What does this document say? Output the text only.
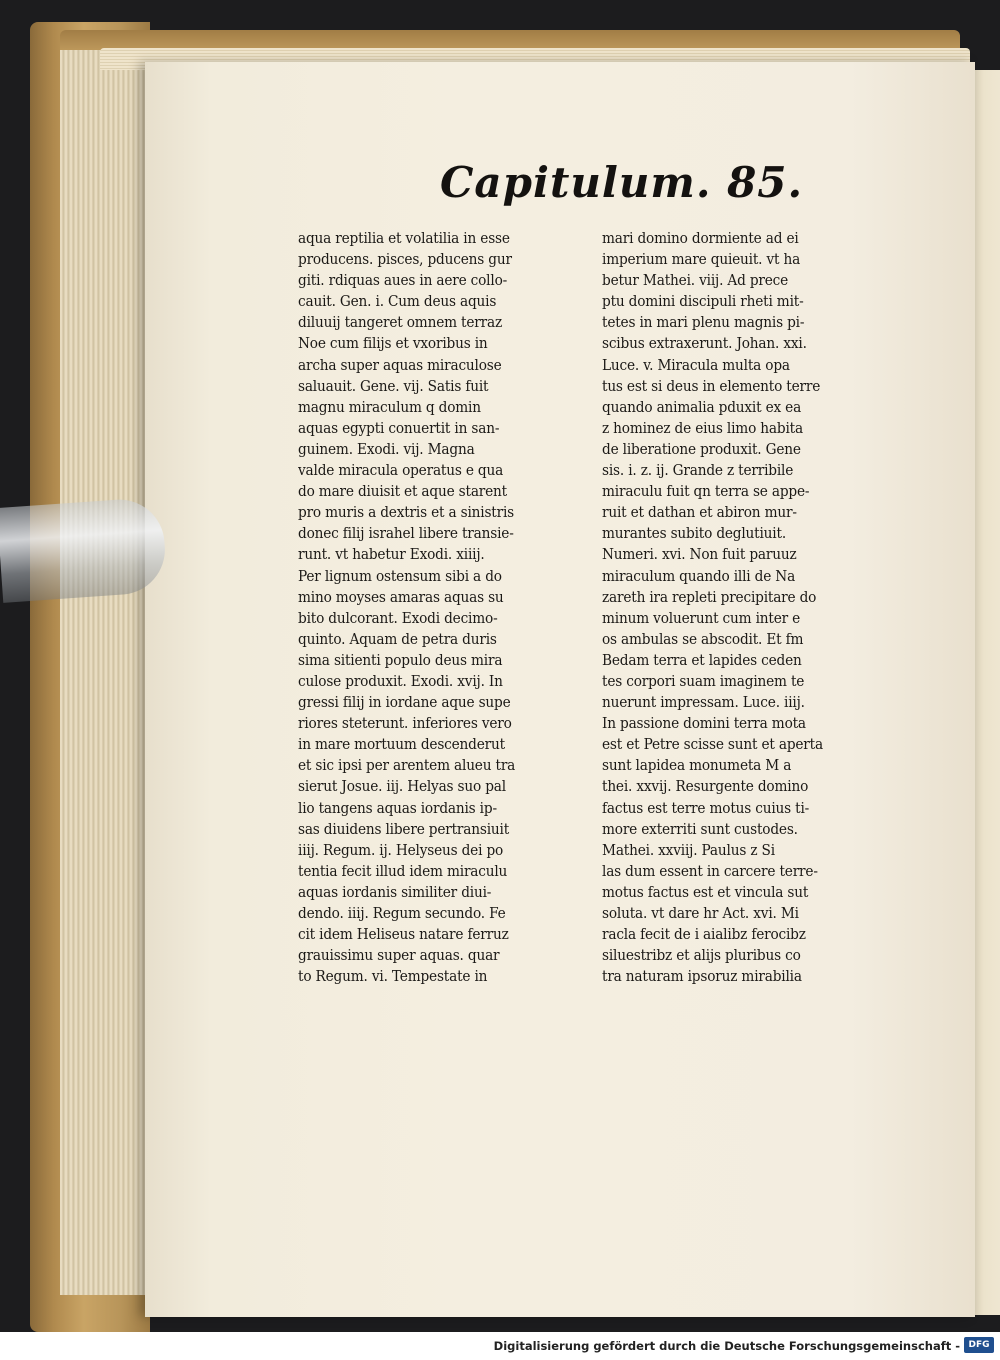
Capitulum. 85.
aqua reptilia et volatilia in esse
producens. pisces, pducens gur
giti. rdiquas aues in aere collo-
cauit. Gen. i. Cum deus aquis
diluuij tangeret omnem terraz
Noe cum filijs et vxoribus in
archa super aquas miraculose
saluauit. Gene. vij. Satis fuit
magnu miraculum q domin
aquas egypti conuertit in san-
guinem. Exodi. vij. Magna
valde miracula operatus e qua
do mare diuisit et aque starent
pro muris a dextris et a sinistris
donec filij israhel libere transie-
runt. vt habetur Exodi. xiiij.
Per lignum ostensum sibi a do
mino moyses amaras aquas su
bito dulcorant. Exodi decimo-
quinto. Aquam de petra duris
sima sitienti populo deus mira
culose produxit. Exodi. xvij. In
gressi filij in iordane aque supe
riores steterunt. inferiores vero
in mare mortuum descenderut
et sic ipsi per arentem alueu tra
sierut Josue. iij. Helyas suo pal
lio tangens aquas iordanis ip-
sas diuidens libere pertransiuit
iiij. Regum. ij. Helyseus dei po
tentia fecit illud idem miraculu
aquas iordanis similiter diui-
dendo. iiij. Regum secundo. Fe
cit idem Heliseus natare ferruz
grauissimu super aquas. quar
to Regum. vi. Tempestate in
mari domino dormiente ad ei
imperium mare quieuit. vt ha
betur Mathei. viij. Ad prece
ptu domini discipuli rheti mit-
tetes in mari plenu magnis pi-
scibus extraxerunt. Johan. xxi.
Luce. v. Miracula multa opa
tus est si deus in elemento terre
quando animalia pduxit ex ea
z hominez de eius limo habita
de liberatione produxit. Gene
sis. i. z. ij. Grande z terribile
miraculu fuit qn terra se appe-
ruit et dathan et abiron mur-
murantes subito deglutiuit.
Numeri. xvi. Non fuit paruuz
miraculum quando illi de Na
zareth ira repleti precipitare do
minum voluerunt cum inter e
os ambulas se abscodit. Et fm
Bedam terra et lapides ceden
tes corpori suam imaginem te
nuerunt impressam. Luce. iiij.
In passione domini terra mota
est et Petre scisse sunt et aperta
sunt lapidea monumeta M a
thei. xxvij. Resurgente domino
factus est terre motus cuius ti-
more exterriti sunt custodes.
Mathei. xxviij. Paulus z Si
las dum essent in carcere terre-
motus factus est et vincula sut
soluta. vt dare hr Act. xvi. Mi
racla fecit de i aialibz ferocibz
siluestribz et alijs pluribus co
tra naturam ipsoruz mirabilia
Digitalisierung gefördert durch die Deutsche Forschungsgemeinschaft - DFG
